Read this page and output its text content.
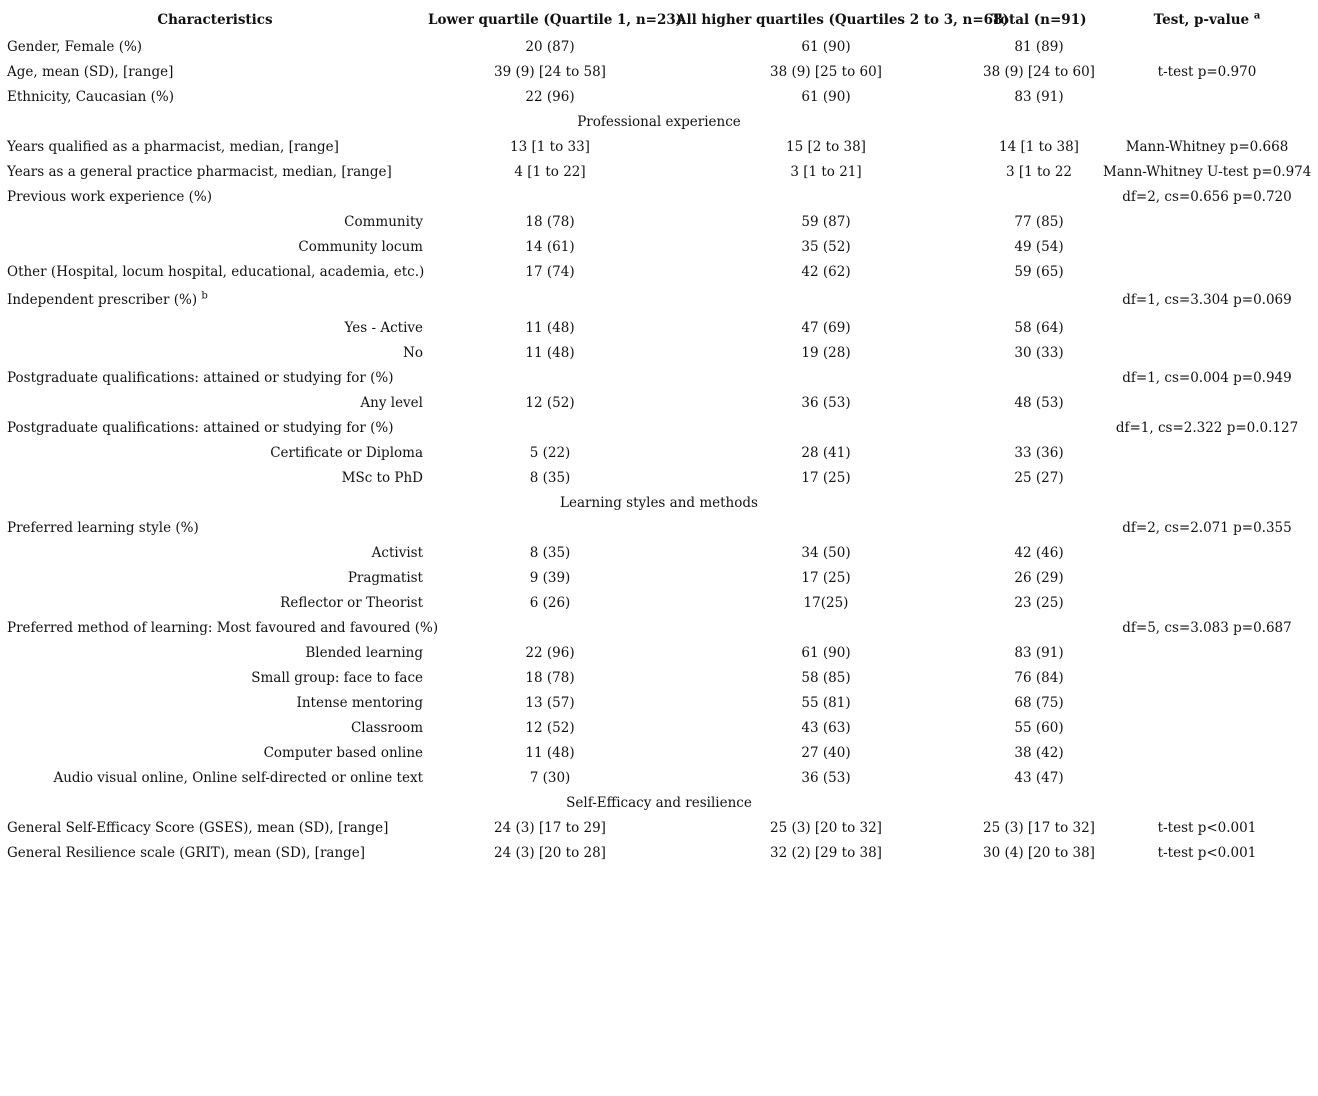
Characteristics	Lower quartile (Quartile 1, n=23)	All higher quartiles (Quartiles 2 to 3, n=68)	Total (n=91)	Test, p-value $^a$
Gender, Female (%)	20 (87)	61 (90)	81 (89)	
Age, mean (SD), [range]	39 (9) [24 to 58]	38 (9) [25 to 60]	38 (9) [24 to 60]	t-test p=0.970
Ethnicity, Caucasian (%)	22 (96)	61 (90)	83 (91)	
Professional experience				
Years qualified as a pharmacist, median, [range]	13 [1 to 33]	15 [2 to 38]	14 [1 to 38]	Mann-Whitney p=0.668
Years as a general practice pharmacist, median, [range]	4 [1 to 22]	3 [1 to 21]	3 [1 to 22	Mann-Whitney U-test p=0.974
Previous work experience (%)				df=2, cs=0.656 p=0.720
Community	18 (78)	59 (87)	77 (85)	
Community locum	14 (61)	35 (52)	49 (54)	
Other (Hospital, locum hospital, educational, academia, etc.)	17 (74)	42 (62)	59 (65)	
Independent prescriber (%) $^b$				df=1, cs=3.304 p=0.069
Yes - Active	11 (48)	47 (69)	58 (64)	
No	11 (48)	19 (28)	30 (33)	
Postgraduate qualifications: attained or studying for (%)				df=1, cs=0.004 p=0.949
Any level	12 (52)	36 (53)	48 (53)	
Postgraduate qualifications: attained or studying for (%)				df=1, cs=2.322 p=0.0.127
Certificate or Diploma	5 (22)	28 (41)	33 (36)	
MSc to PhD	8 (35)	17 (25)	25 (27)	
Learning styles and methods				
Preferred learning style (%)				df=2, cs=2.071 p=0.355
Activist	8 (35)	34 (50)	42 (46)	
Pragmatist	9 (39)	17 (25)	26 (29)	
Reflector or Theorist	6 (26)	17(25)	23 (25)	
Preferred method of learning: Most favoured and favoured (%)				df=5, cs=3.083 p=0.687
Blended learning	22 (96)	61 (90)	83 (91)	
Small group: face to face	18 (78)	58 (85)	76 (84)	
Intense mentoring	13 (57)	55 (81)	68 (75)	
Classroom	12 (52)	43 (63)	55 (60)	
Computer based online	11 (48)	27 (40)	38 (42)	
Audio visual online, Online self-directed or online text	7 (30)	36 (53)	43 (47)	
Self-Efficacy and resilience				
General Self-Efficacy Score (GSES), mean (SD), [range]	24 (3) [17 to 29]	25 (3) [20 to 32]	25 (3) [17 to 32]	t-test p<0.001
General Resilience scale (GRIT), mean (SD), [range]	24 (3) [20 to 28]	32 (2) [29 to 38]	30 (4) [20 to 38]	t-test p<0.001
